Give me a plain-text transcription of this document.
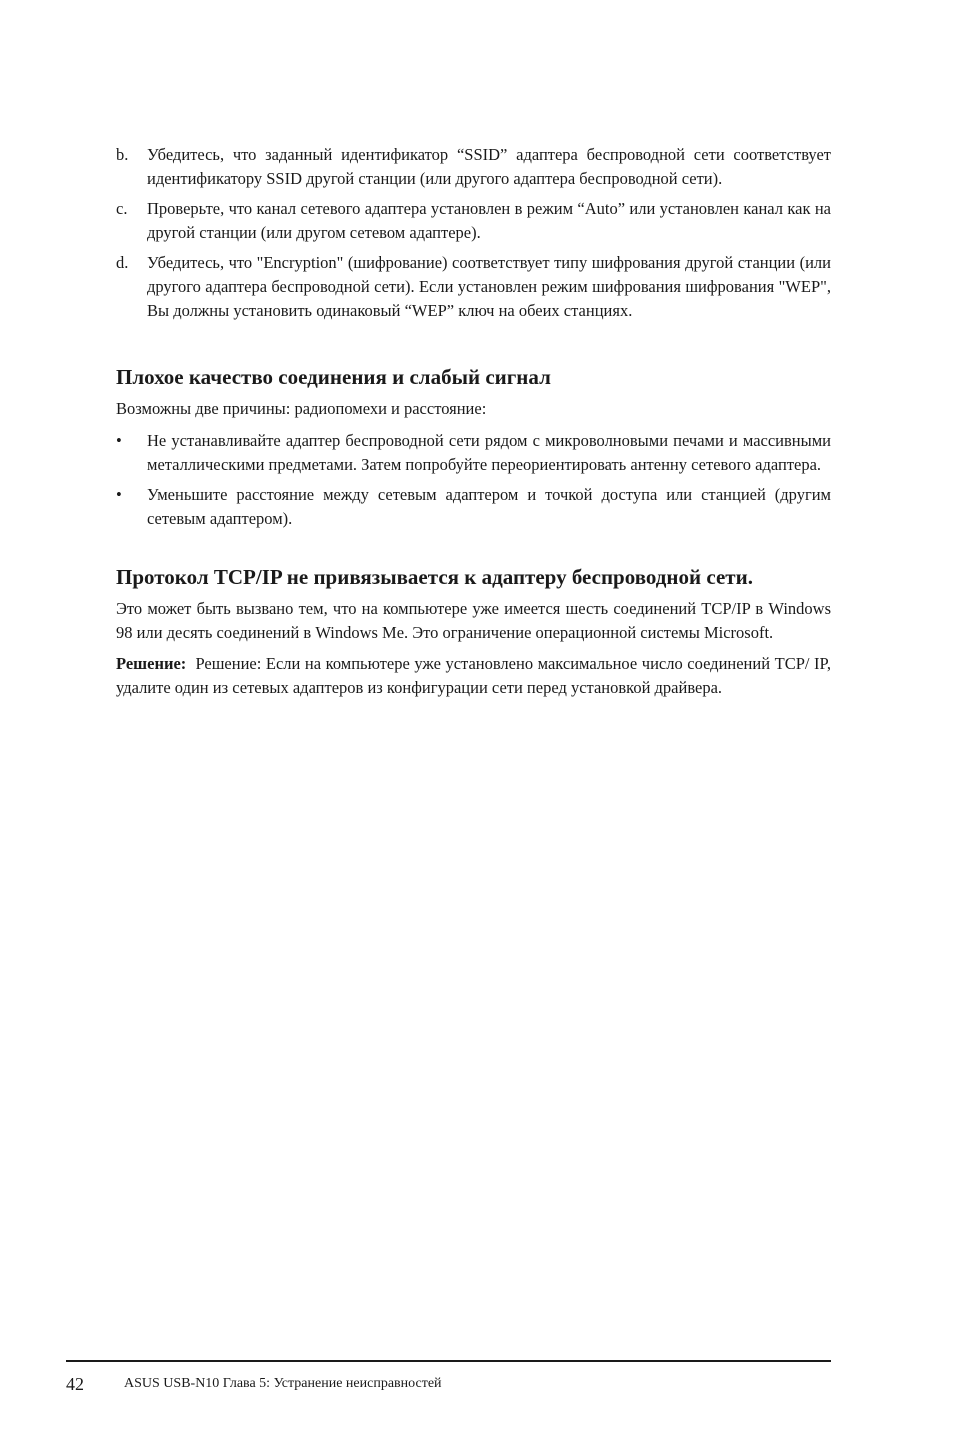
b. Убедитесь, что заданный идентификатор “SSID” адаптера беспроводной сети соответствует идентификатору SSID другой станции (или другого адаптера беспроводной сети).
c. Проверьте, что канал сетевого адаптера установлен в режим “Auto” или установлен канал как на другой станции (или другом сетевом адаптере).
d. Убедитесь, что "Encryption" (шифрование) соответствует типу шифрования другой станции (или другого адаптера беспроводной сети). Если установлен режим шифрования шифрования "WEP", Вы должны установить одинаковый “WEP” ключ на обеих станциях.
Плохое качество соединения и слабый сигнал

Возможны две причины: радиопомехи и расстояние:

• Не устанавливайте адаптер беспроводной сети рядом с микроволновыми печами и массивными металлическими предметами. Затем попробуйте переориентировать антенну сетевого адаптера.
• Уменьшите расстояние между сетевым адаптером и точкой доступа или станцией (другим сетевым адаптером).
Протокол TCP/IP не привязывается к адаптеру беспроводной сети.

Это может быть вызвано тем, что на компьютере уже имеется шесть соединений TCP/IP в Windows 98 или десять соединений в Windows Me. Это ограничение операционной системы Microsoft.

Решение: Решение: Если на компьютере уже установлено максимальное число соединений TCP/ IP, удалите один из сетевых адаптеров из конфигурации сети перед установкой драйвера.

42	ASUS USB-N10 Глава 5: Устранение неисправностей
